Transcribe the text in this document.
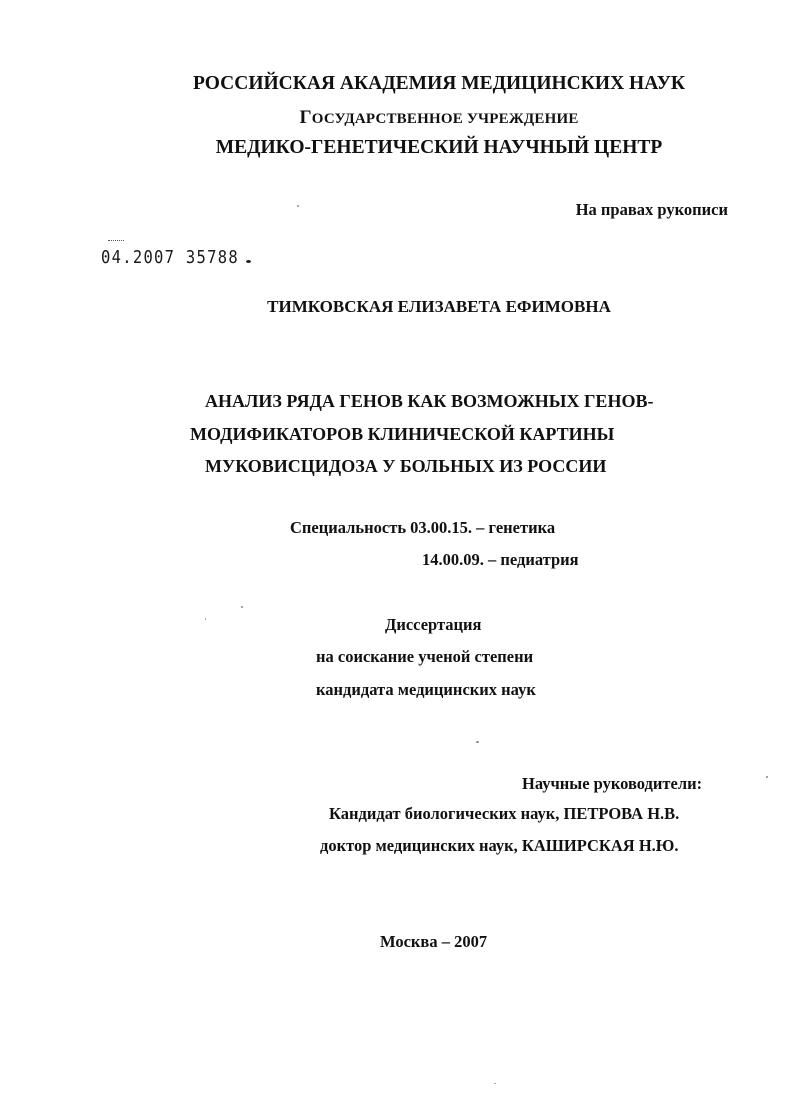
РОССИЙСКАЯ АКАДЕМИЯ МЕДИЦИНСКИХ НАУК
ГОСУДАРСТВЕННОЕ УЧРЕЖДЕНИЕ
МЕДИКО-ГЕНЕТИЧЕСКИЙ НАУЧНЫЙ ЦЕНТР
На правах рукописи
04.2007 35788
ТИМКОВСКАЯ ЕЛИЗАВЕТА ЕФИМОВНА
АНАЛИЗ РЯДА ГЕНОВ КАК ВОЗМОЖНЫХ ГЕНОВ-
МОДИФИКАТОРОВ КЛИНИЧЕСКОЙ КАРТИНЫ
МУКОВИСЦИДОЗА У БОЛЬНЫХ ИЗ РОССИИ
Специальность 03.00.15. – генетика
14.00.09. – педиатрия
Диссертация
на соискание ученой степени
кандидата медицинских наук
Научные руководители:
Кандидат биологических наук, ПЕТРОВА Н.В.
доктор медицинских наук, КАШИРСКАЯ Н.Ю.
Москва – 2007
